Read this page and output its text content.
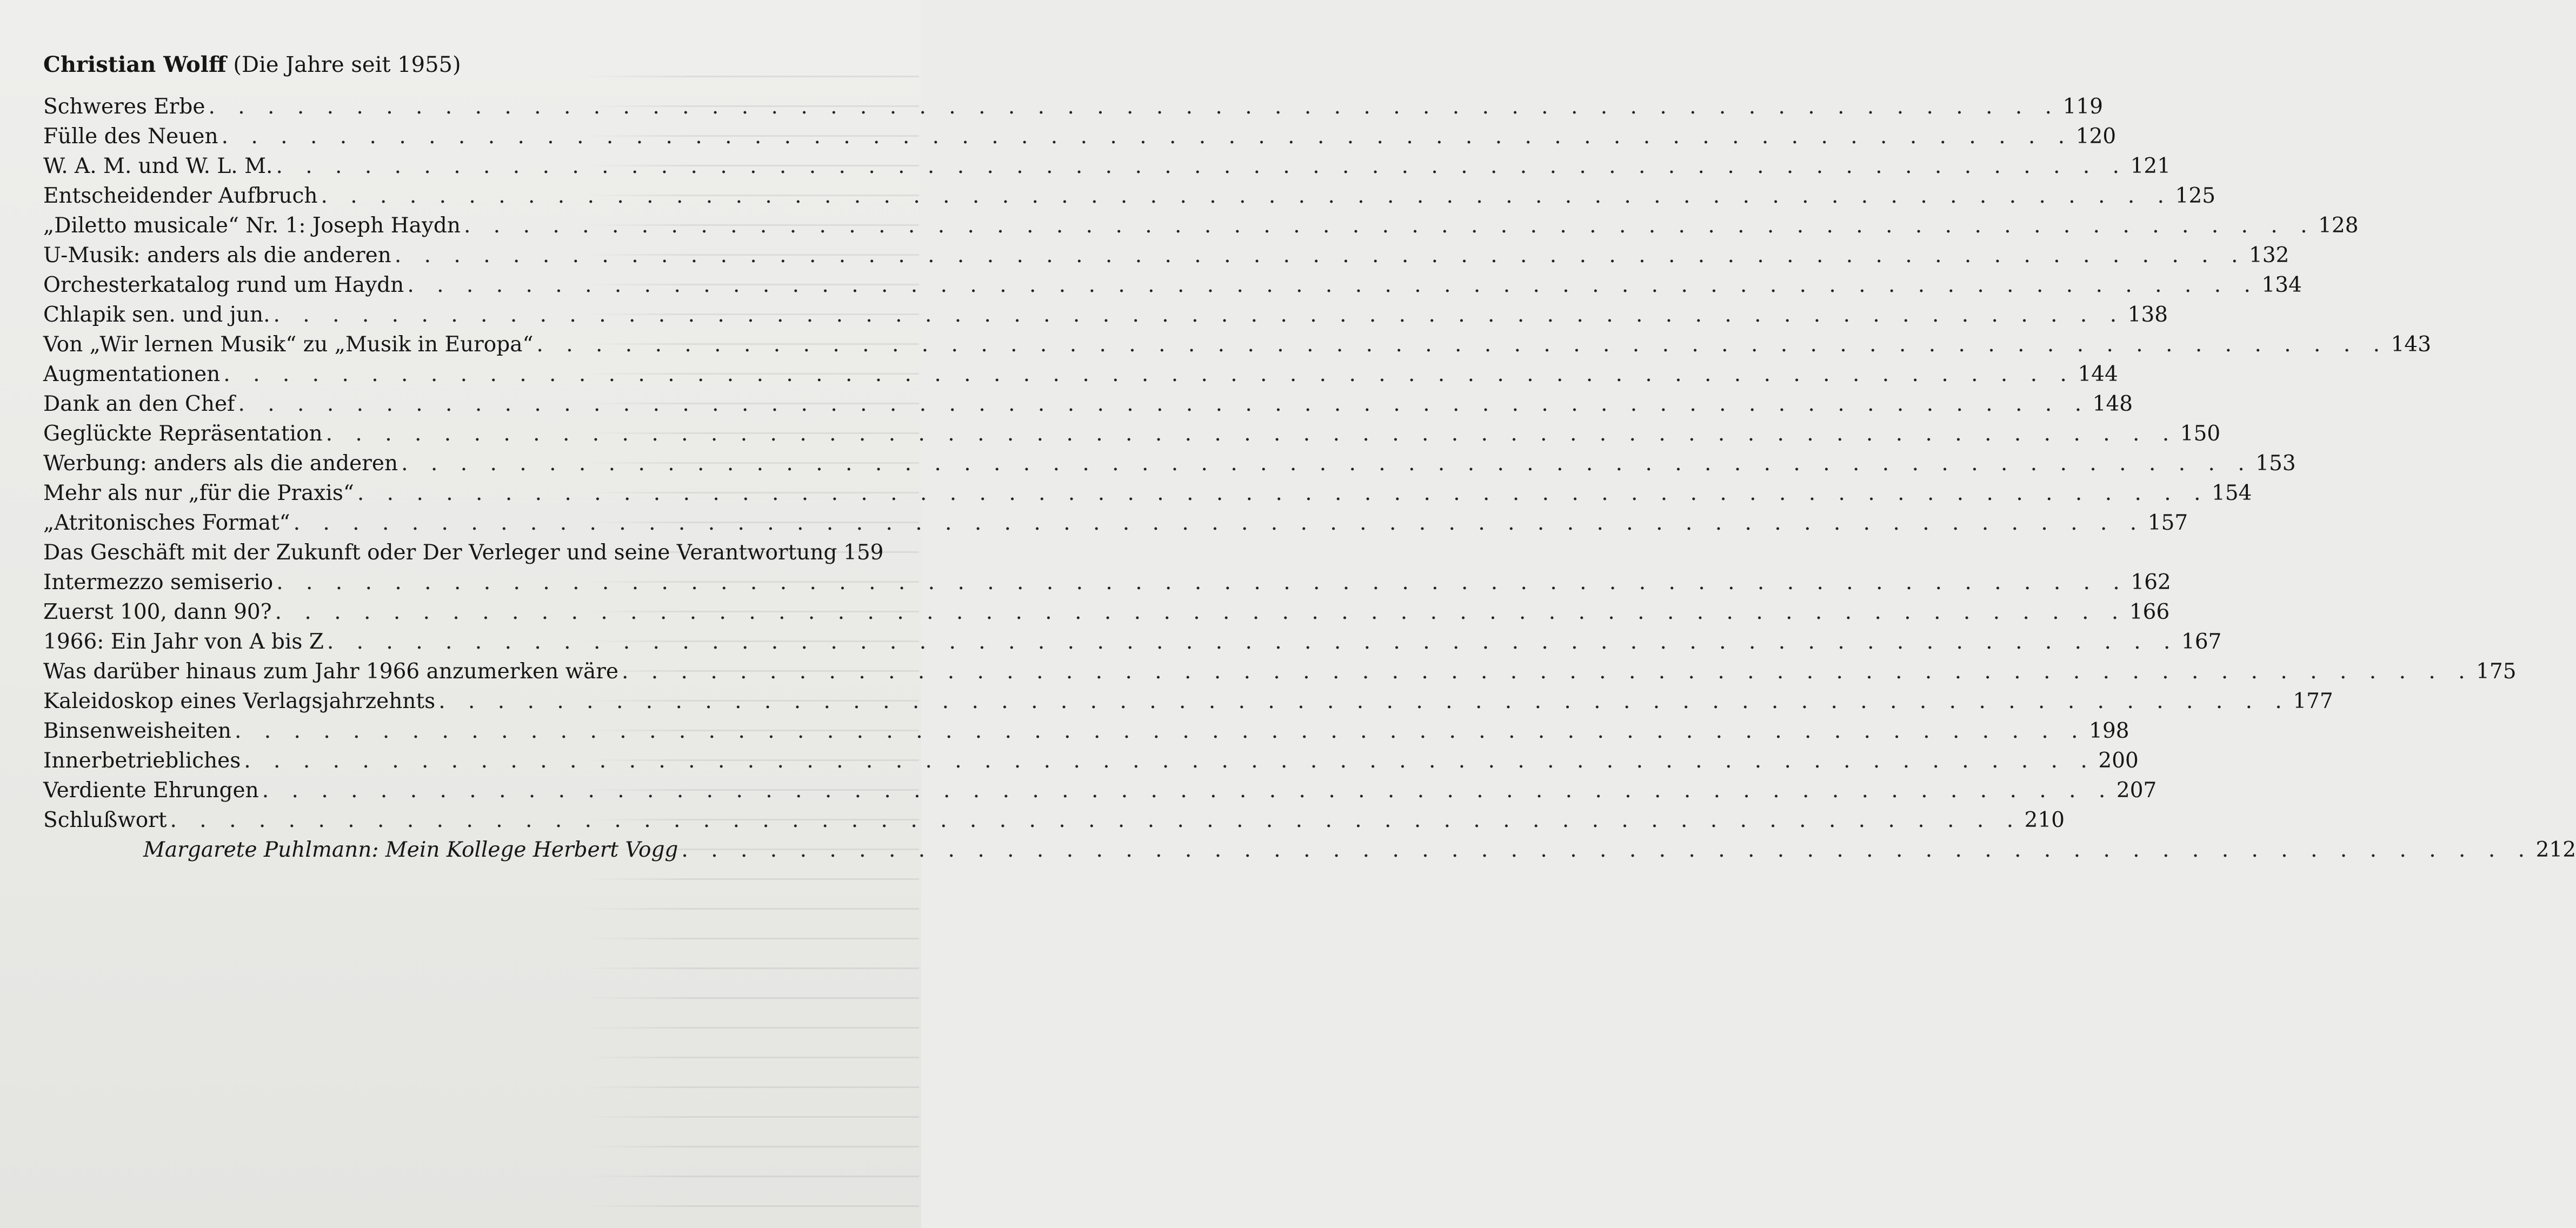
Christian Wolff (Die Jahre seit 1955)
Schweres Erbe . . .	119
Fülle des Neuen . . .	120
W. A. M. und W. L. M. . . .	121
Entscheidender Aufbruch . . .	125
„Diletto musicale“ Nr. 1: Joseph Haydn . . .	128
U-Musik: anders als die anderen . . .	132
Orchesterkatalog rund um Haydn . . .	134
Chlapik sen. und jun. . . .	138
Von „Wir lernen Musik“ zu „Musik in Europa“ . . .	143
Augmentationen . . .	144
Dank an den Chef . . .	148
Geglückte Repräsentation . . .	150
Werbung: anders als die anderen . . .	153
Mehr als nur „für die Praxis“ . . .	154
„Atritonisches Format“ . . .	157
Das Geschäft mit der Zukunft oder Der Verleger und seine Verantwortung 159
Intermezzo semiserio . . .	162
Zuerst 100, dann 90? . . .	166
1966: Ein Jahr von A bis Z . . .	167
Was darüber hinaus zum Jahr 1966 anzumerken wäre . . .	175
Kaleidoskop eines Verlagsjahrzehnts . . .	177
Binsenweisheiten . . .	198
Innerbetriebliches . . .	200
Verdiente Ehrungen . . .	207
Schlußwort . . .	210
Margarete Puhlmann: Mein Kollege Herbert Vogg . . .	212
